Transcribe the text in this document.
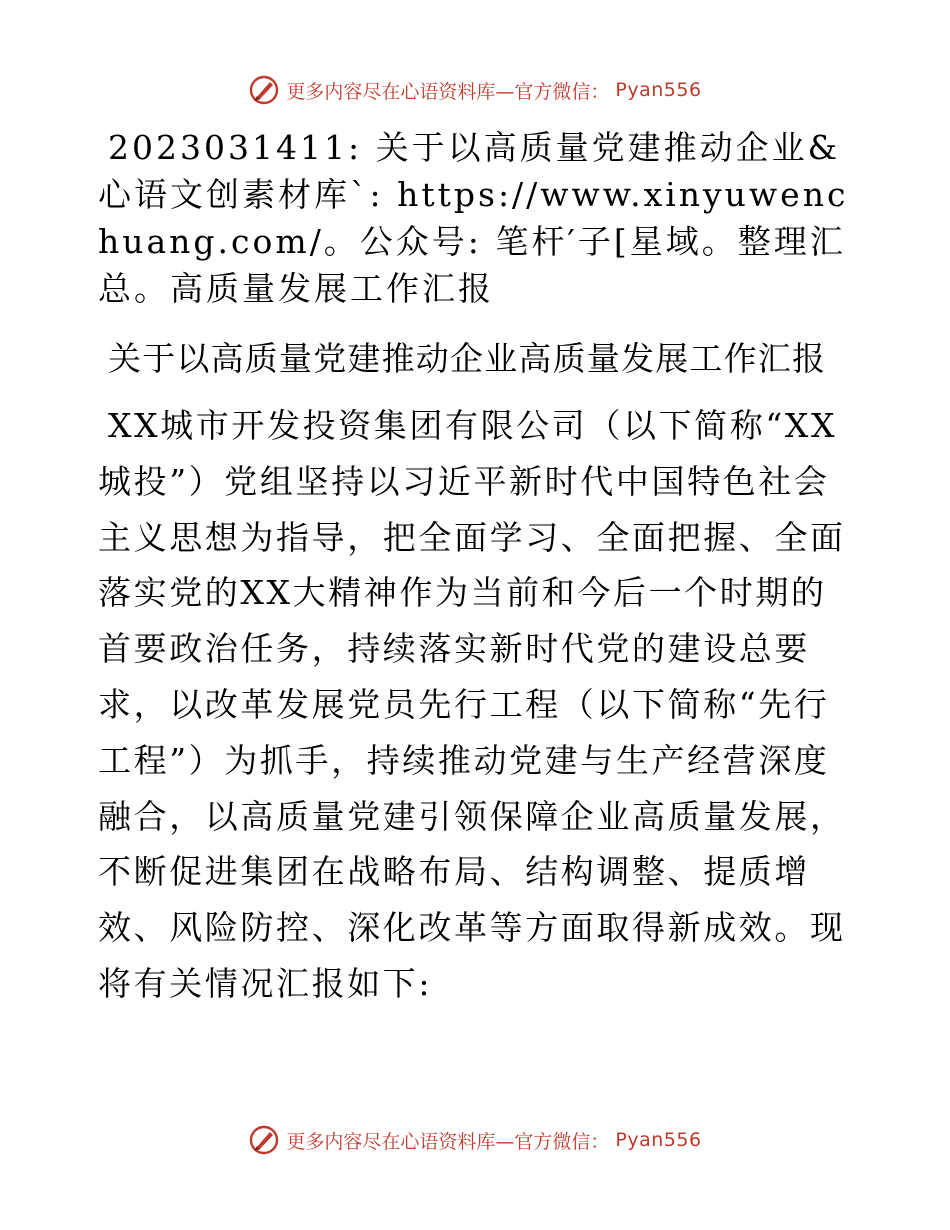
更多内容尽在心语资料库—官方微信： Pyan556

2023031411: 关于以高质量党建推动企业&心语文创素材库`: https://www.xinyuwenchuang.com/。公众号: 笔杆′子[星域。整理汇总。高质量发展工作汇报

关于以高质量党建推动企业高质量发展工作汇报

XX城市开发投资集团有限公司（以下简称“XX城投”）党组坚持以习近平新时代中国特色社会主义思想为指导，把全面学习、全面把握、全面落实党的XX大精神作为当前和今后一个时期的首要政治任务，持续落实新时代党的建设总要求，以改革发展党员先行工程（以下简称“先行工程”）为抓手，持续推动党建与生产经营深度融合，以高质量党建引领保障企业高质量发展，不断促进集团在战略布局、结构调整、提质增效、风险防控、深化改革等方面取得新成效。现将有关情况汇报如下:

更多内容尽在心语资料库—官方微信： Pyan556
